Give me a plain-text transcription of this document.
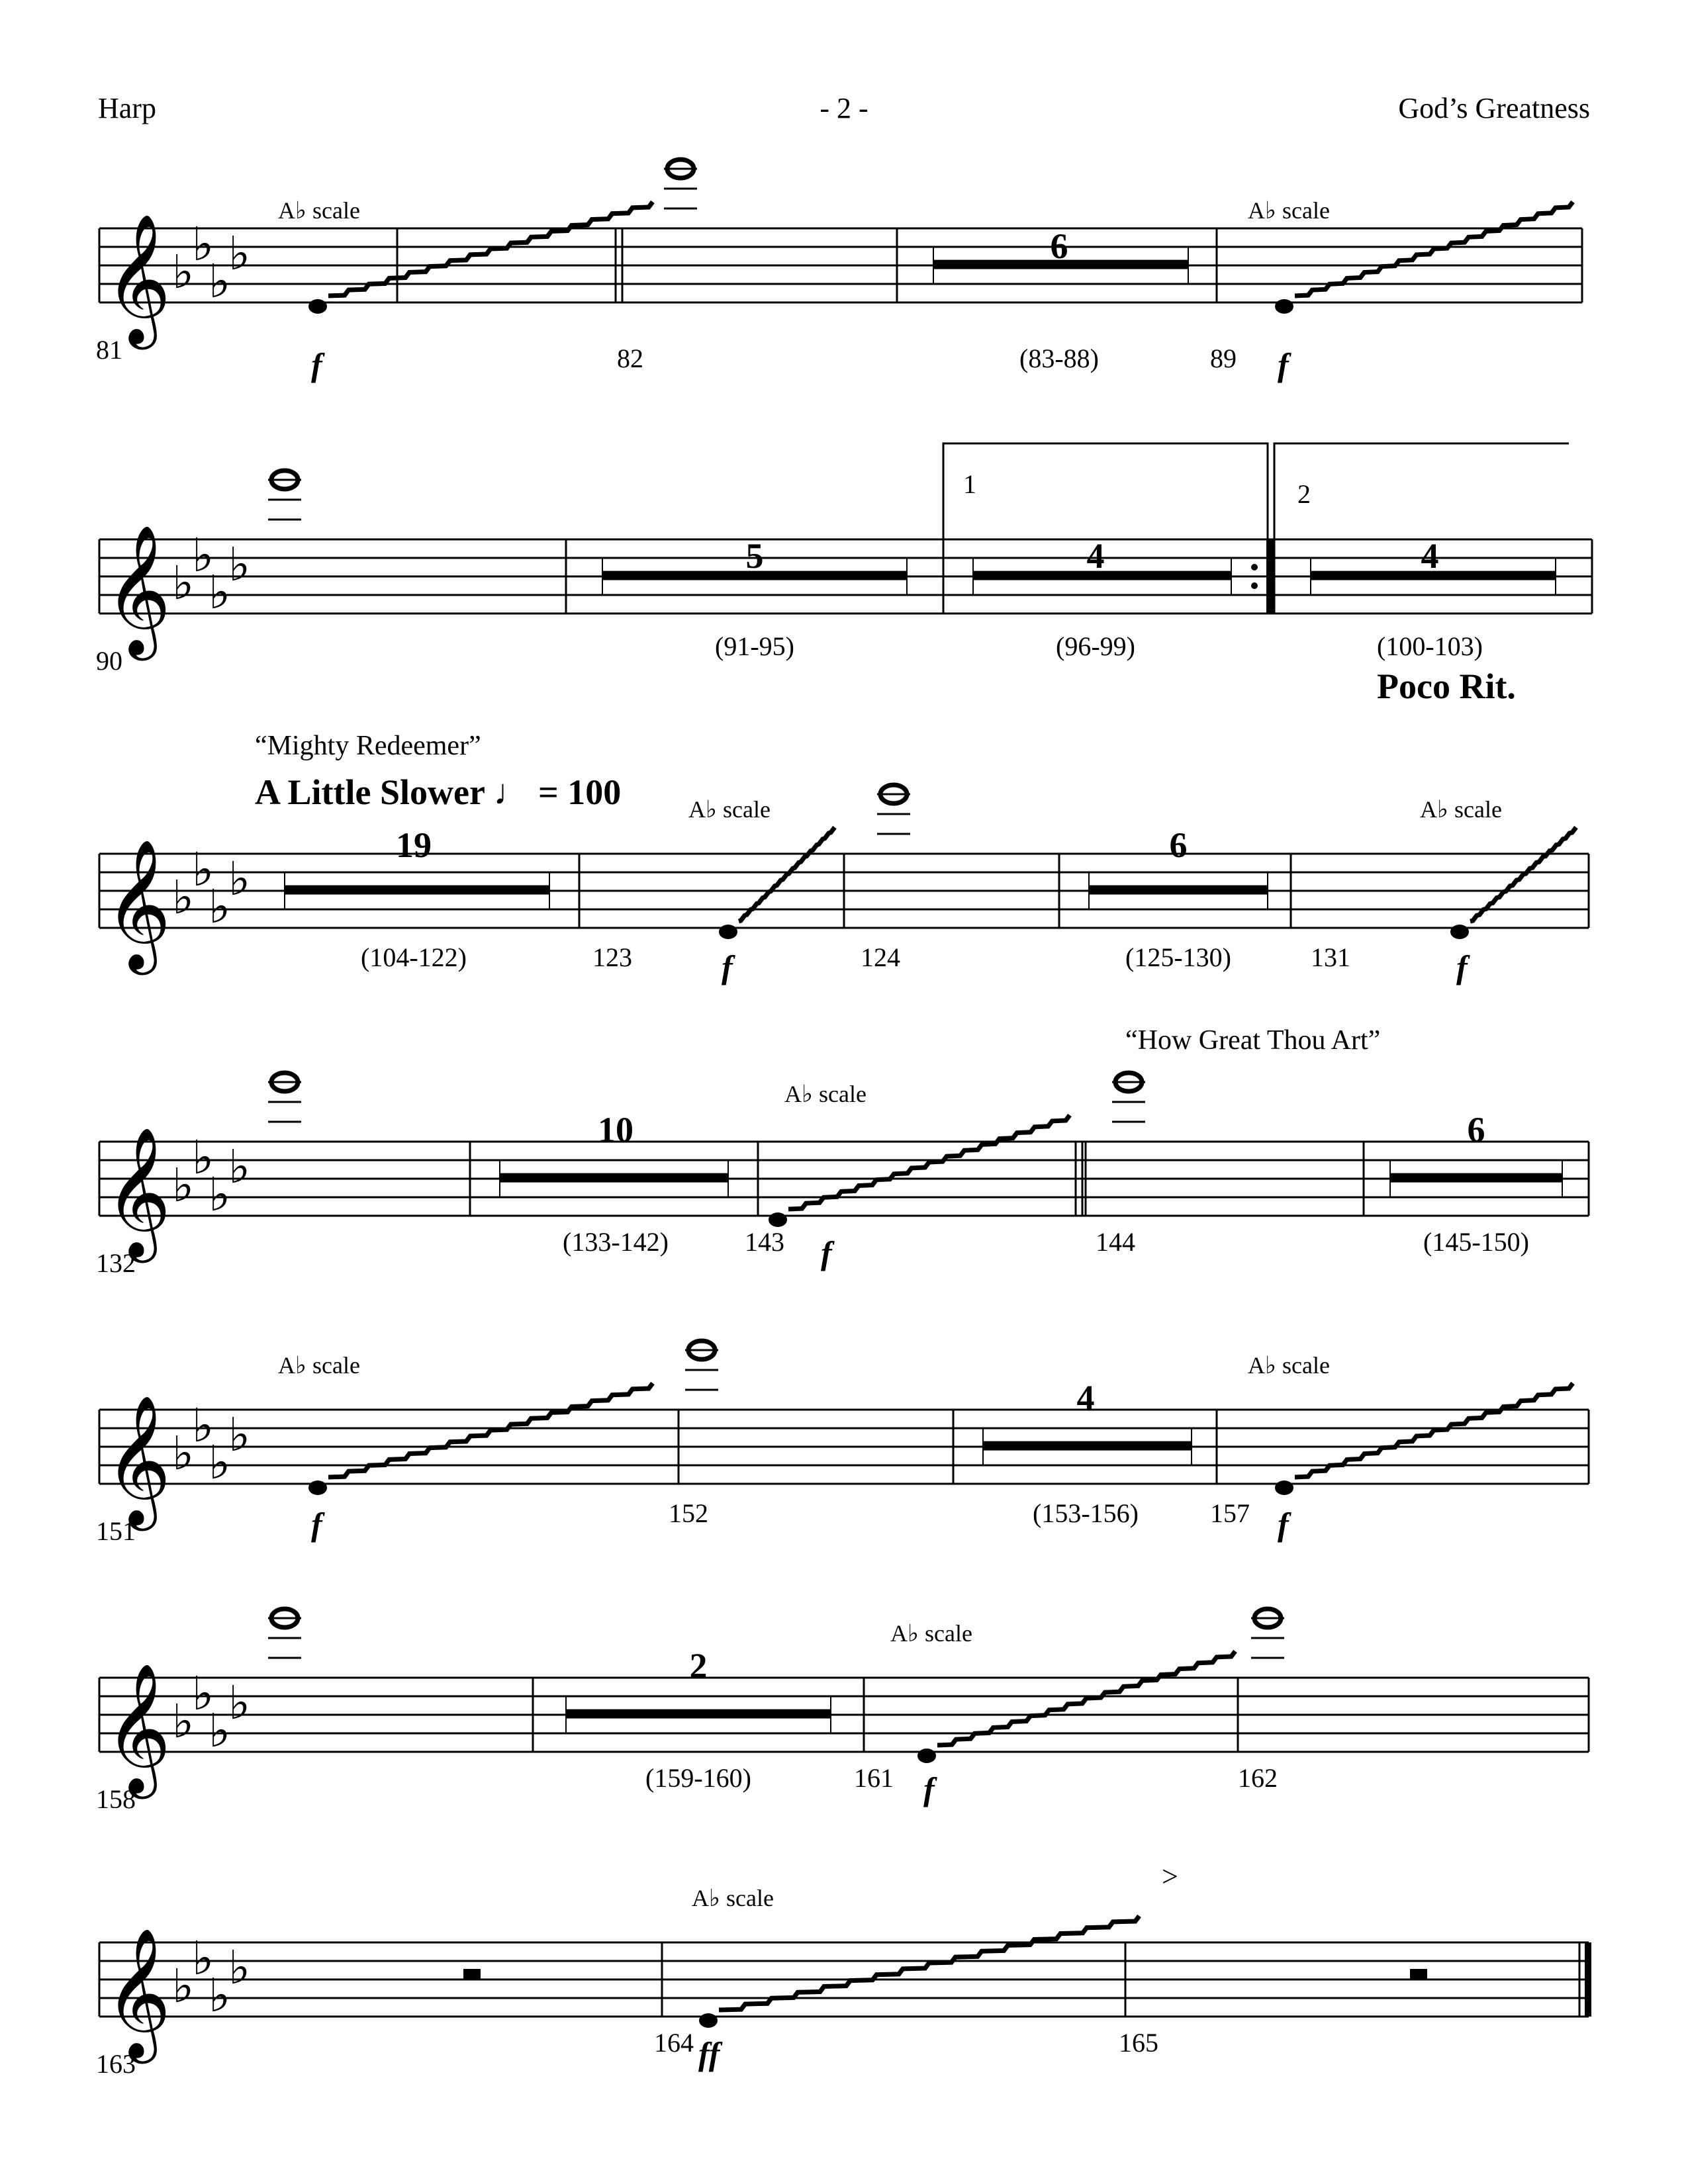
Harp	- 2 -	God’s Greatness
𝄞 ♭
♭
♭
♭
81
A♭ scale	A♭ scale
f	f
82	(83-88)	89
6
𝄞 ♭
♭
♭
♭
90
5
(91-95)
4
(96-99)
4
(100-103)
Poco Rit.
1	2
𝄞 ♭
♭
♭
♭
“Mighty Redeemer”
A Little Slower ♩ = 100	A♭ scale	A♭ scale
19
(104-122)	123	f	124
6
(125-130)	131	f
𝄞 ♭
♭
♭
♭
132
“How Great Thou Art”
A♭ scale
10
(133-142)	143 f	144
6
(145-150)
𝄞 ♭
♭
♭
♭
151
A♭ scale	A♭ scale
f	152
4
(153-156)	157 f
𝄞 ♭
♭
♭
♭
158
A♭ scale
2
(159-160)	161 f	162
𝄞 ♭
♭
♭
♭
163
A♭ scale
164 ff	165
>
